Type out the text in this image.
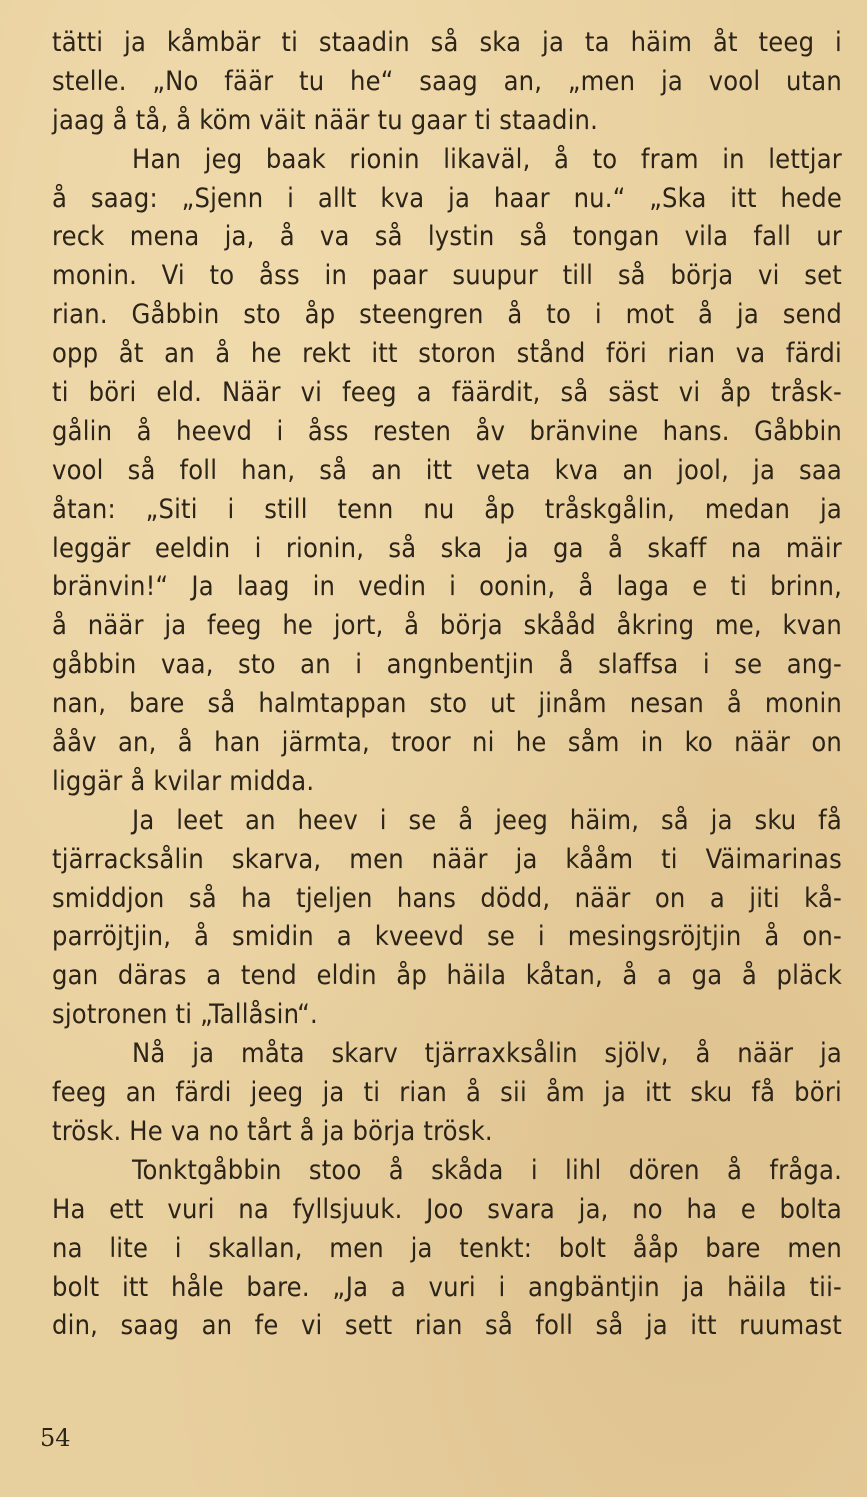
tätti ja kåmbär ti staadin så ska ja ta häim åt teeg i
stelle. „No fäär tu he“ saag an, „men ja vool utan
jaag å tå, å köm väit näär tu gaar ti staadin.
Han jeg baak rionin likaväl, å to fram in lettjar
å saag: „Sjenn i allt kva ja haar nu.“ „Ska itt hede
reck mena ja, å va så lystin så tongan vila fall ur
monin. Vi to åss in paar suupur till så börja vi set
rian. Gåbbin sto åp steengren å to i mot å ja send
opp åt an å he rekt itt storon stånd föri rian va färdi
ti böri eld. Näär vi feeg a fäärdit, så säst vi åp tråsk-
gålin å heevd i åss resten åv bränvine hans. Gåbbin
vool så foll han, så an itt veta kva an jool, ja saa
åtan: „Siti i still tenn nu åp tråskgålin, medan ja
leggär eeldin i rionin, så ska ja ga å skaff na mäir
bränvin!“ Ja laag in vedin i oonin, å laga e ti brinn,
å näär ja feeg he jort, å börja skååd åkring me, kvan
gåbbin vaa, sto an i angnbentjin å slaffsa i se ang-
nan, bare så halmtappan sto ut jinåm nesan å monin
ååv an, å han järmta, troor ni he såm in ko näär on
liggär å kvilar midda.
Ja leet an heev i se å jeeg häim, så ja sku få
tjärracksålin skarva, men näär ja kååm ti Väimarinas
smiddjon så ha tjeljen hans dödd, näär on a jiti kå-
parröjtjin, å smidin a kveevd se i mesingsröjtjin å on-
gan däras a tend eldin åp häila kåtan, å a ga å pläck
sjotronen ti „Tallåsin“.
Nå ja måta skarv tjärraxksålin sjölv, å näär ja
feeg an färdi jeeg ja ti rian å sii åm ja itt sku få böri
trösk. He va no tårt å ja börja trösk.
Tonktgåbbin stoo å skåda i lihl dören å fråga.
Ha ett vuri na fyllsjuuk. Joo svara ja, no ha e bolta
na lite i skallan, men ja tenkt: bolt ååp bare men
bolt itt håle bare. „Ja a vuri i angbäntjin ja häila tii-
din, saag an fe vi sett rian så foll så ja itt ruumast
54
